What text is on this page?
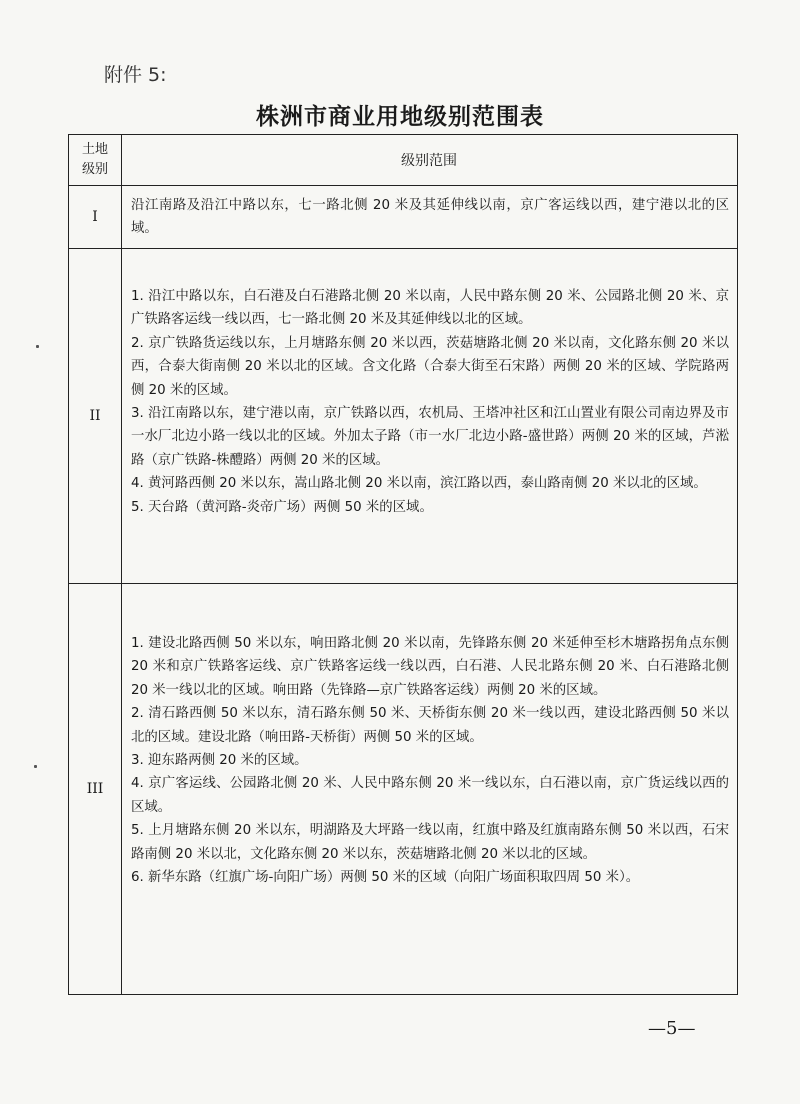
附件 5:
株洲市商业用地级别范围表
土地
级别
级别范围
I

沿江南路及沿江中路以东，七一路北侧 20 米及其延伸线以南，京广客运线以西，建宁港以北的区域。

II

1. 沿江中路以东，白石港及白石港路北侧 20 米以南，人民中路东侧 20 米、公园路北侧 20 米、京广铁路客运线一线以西，七一路北侧 20 米及其延伸线以北的区域。

2. 京广铁路货运线以东，上月塘路东侧 20 米以西，茨菇塘路北侧 20 米以南，文化路东侧 20 米以西，合泰大街南侧 20 米以北的区域。含文化路（合泰大街至石宋路）两侧 20 米的区域、学院路两侧 20 米的区域。

3. 沿江南路以东，建宁港以南，京广铁路以西，农机局、王塔冲社区和江山置业有限公司南边界及市一水厂北边小路一线以北的区域。外加太子路（市一水厂北边小路-盛世路）两侧 20 米的区域，芦淞路（京广铁路-株醴路）两侧 20 米的区域。

4. 黄河路西侧 20 米以东，嵩山路北侧 20 米以南，滨江路以西，泰山路南侧 20 米以北的区域。

5. 天台路（黄河路-炎帝广场）两侧 50 米的区域。

III

1. 建设北路西侧 50 米以东，响田路北侧 20 米以南，先锋路东侧 20 米延伸至杉木塘路拐角点东侧 20 米和京广铁路客运线、京广铁路客运线一线以西，白石港、人民北路东侧 20 米、白石港路北侧 20 米一线以北的区域。响田路（先锋路—京广铁路客运线）两侧 20 米的区域。

2. 清石路西侧 50 米以东，清石路东侧 50 米、天桥街东侧 20 米一线以西，建设北路西侧 50 米以北的区域。建设北路（响田路-天桥街）两侧 50 米的区域。

3. 迎东路两侧 20 米的区域。

4. 京广客运线、公园路北侧 20 米、人民中路东侧 20 米一线以东，白石港以南，京广货运线以西的区域。

5. 上月塘路东侧 20 米以东，明湖路及大坪路一线以南，红旗中路及红旗南路东侧 50 米以西，石宋路南侧 20 米以北，文化路东侧 20 米以东，茨菇塘路北侧 20 米以北的区域。

6. 新华东路（红旗广场-向阳广场）两侧 50 米的区域（向阳广场面积取四周 50 米）。

—5—
